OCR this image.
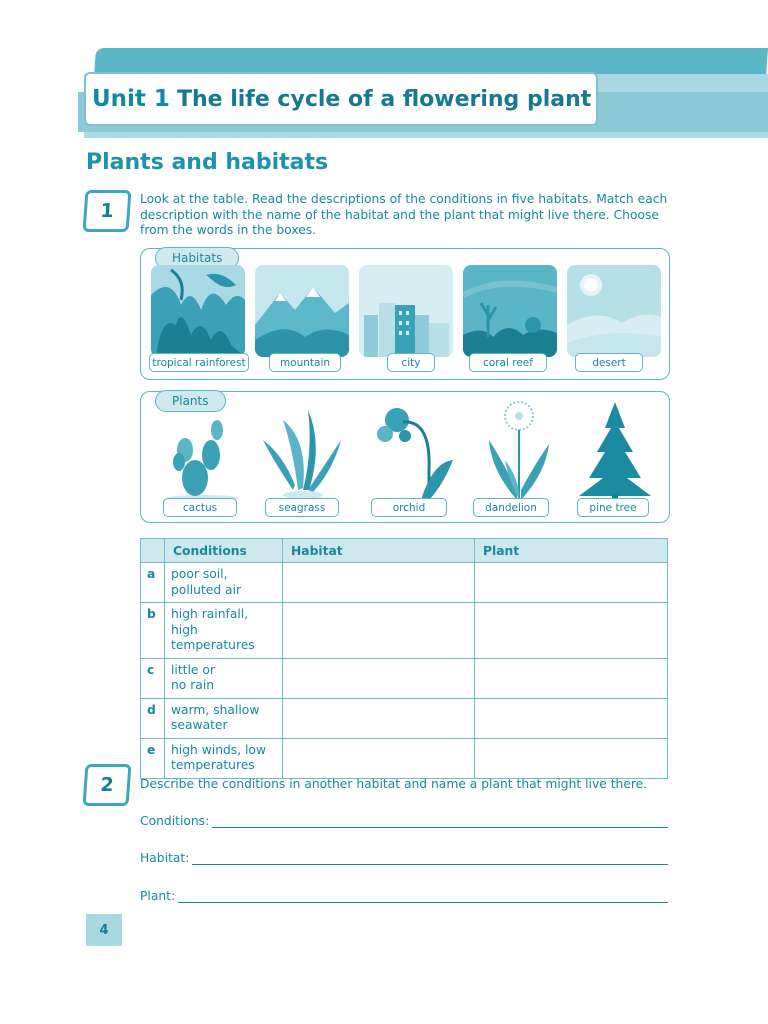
Unit 1 The life cycle of a flowering plant
Plants and habitats
1
Look at the table. Read the descriptions of the conditions in five habitats. Match each description with the name of the habitat and the plant that might live there. Choose from the words in the boxes.
Habitats
tropical rainforest	mountain	city	coral reef	desert
Plants
cactus	seagrass	orchid	dandelion	pine tree
	Conditions	Habitat	Plant
a	poor soil,
polluted air		
b	high rainfall, high
temperatures		
c	little or
no rain		
d	warm, shallow
seawater		
e	high winds, low
temperatures		
2	Describe the conditions in another habitat and name a plant that might live there.
Conditions:
Habitat:
Plant:
4
